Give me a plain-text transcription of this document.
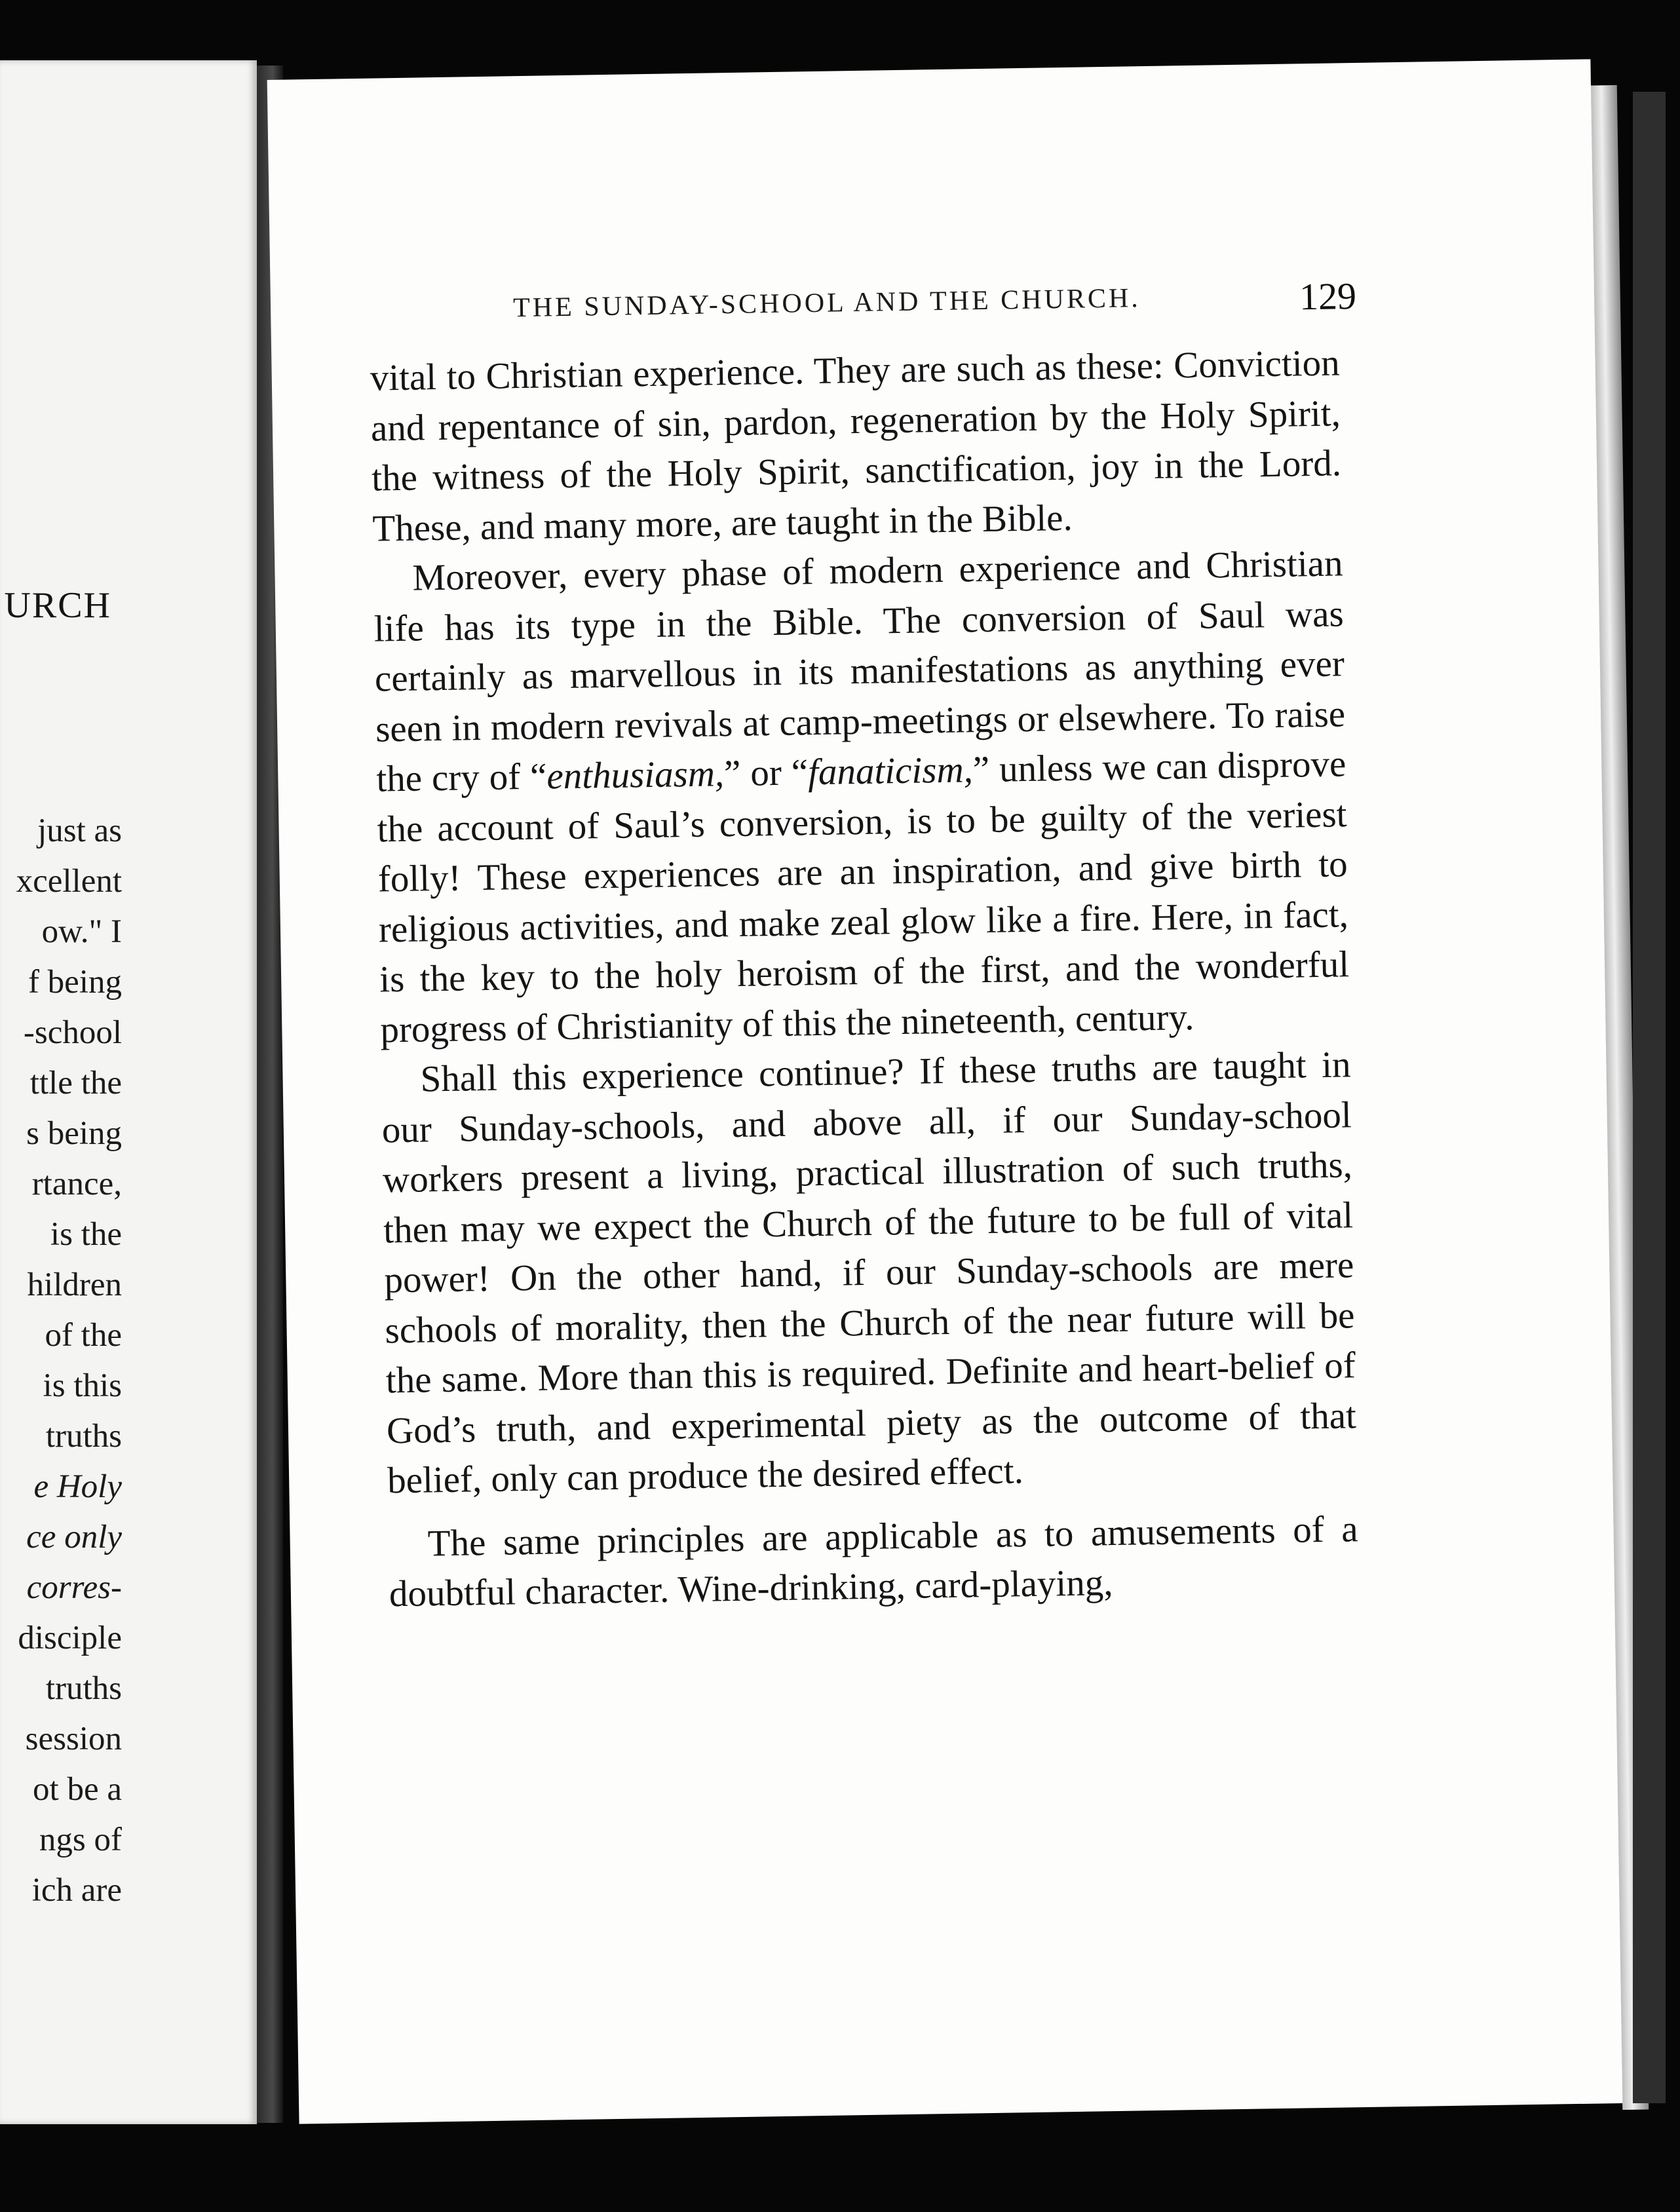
URCH
just as
xcellent
ow." I
f being
-school
ttle the
s being
rtance,
is the
hildren
of the
is this
truths
e Holy
ce only
corres-
disciple
truths
session
ot be a
ngs of
ich are
THE SUNDAY-SCHOOL AND THE CHURCH.	129

vital to Christian experience. They are such as these: Conviction and repentance of sin, pardon, regeneration by the Holy Spirit, the witness of the Holy Spirit, sanctification, joy in the Lord. These, and many more, are taught in the Bible.

Moreover, every phase of modern experience and Christian life has its type in the Bible. The conversion of Saul was certainly as marvellous in its manifestations as anything ever seen in modern revivals at camp-meetings or elsewhere. To raise the cry of “enthusiasm,” or “fanaticism,” unless we can disprove the account of Saul’s conversion, is to be guilty of the veriest folly! These experiences are an inspiration, and give birth to religious activities, and make zeal glow like a fire. Here, in fact, is the key to the holy heroism of the first, and the wonderful progress of Christianity of this the nineteenth, century.

Shall this experience continue? If these truths are taught in our Sunday-schools, and above all, if our Sunday-school workers present a living, practical illustration of such truths, then may we expect the Church of the future to be full of vital power! On the other hand, if our Sunday-schools are mere schools of morality, then the Church of the near future will be the same. More than this is required. Definite and heart-belief of God’s truth, and experimental piety as the outcome of that belief, only can produce the desired effect.

The same principles are applicable as to amusements of a doubtful character. Wine-drinking, card-playing,
